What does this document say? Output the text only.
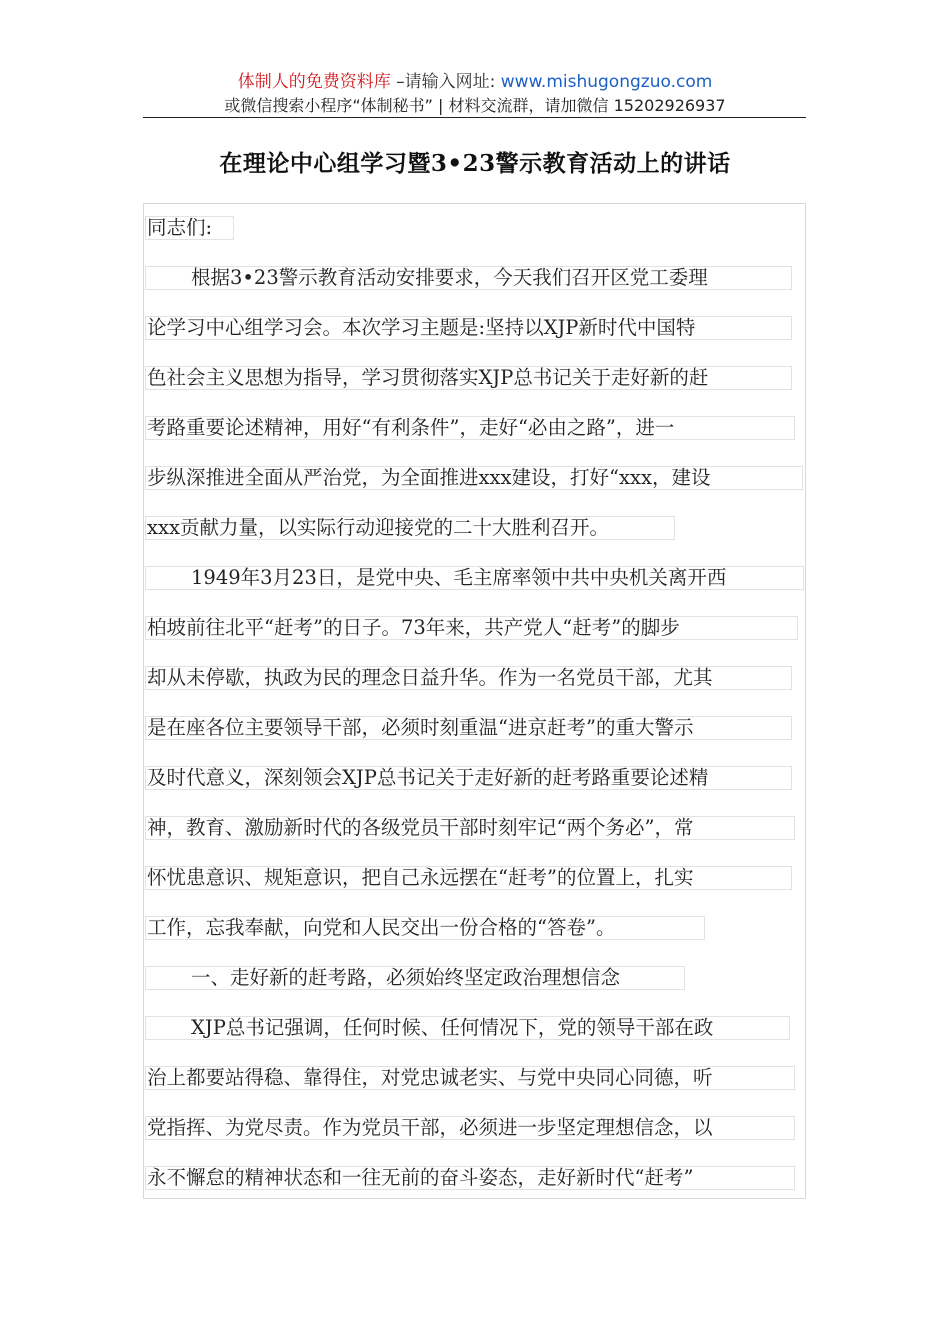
体制人的免费资料库 –请输入网址: www.mishugongzuo.com
或微信搜索小程序“体制秘书” | 材料交流群，请加微信 15202926937
在理论中心组学习暨3•23警示教育活动上的讲话
同志们:
根据3•23警示教育活动安排要求，今天我们召开区党工委理
论学习中心组学习会。本次学习主题是:坚持以XJP新时代中国特
色社会主义思想为指导，学习贯彻落实XJP总书记关于走好新的赶
考路重要论述精神，用好“有利条件”，走好“必由之路”，进一
步纵深推进全面从严治党，为全面推进xxx建设，打好“xxx，建设
xxx贡献力量，以实际行动迎接党的二十大胜利召开。
1949年3月23日，是党中央、毛主席率领中共中央机关离开西
柏坡前往北平“赶考”的日子。73年来，共产党人“赶考”的脚步
却从未停歇，执政为民的理念日益升华。作为一名党员干部，尤其
是在座各位主要领导干部，必须时刻重温“进京赶考”的重大警示
及时代意义，深刻领会XJP总书记关于走好新的赶考路重要论述精
神，教育、激励新时代的各级党员干部时刻牢记“两个务必”，常
怀忧患意识、规矩意识，把自己永远摆在“赶考”的位置上，扎实
工作，忘我奉献，向党和人民交出一份合格的“答卷”。
一、走好新的赶考路，必须始终坚定政治理想信念
XJP总书记强调，任何时候、任何情况下，党的领导干部在政
治上都要站得稳、靠得住，对党忠诚老实、与党中央同心同德，听
党指挥、为党尽责。作为党员干部，必须进一步坚定理想信念，以
永不懈怠的精神状态和一往无前的奋斗姿态，走好新时代“赶考”
